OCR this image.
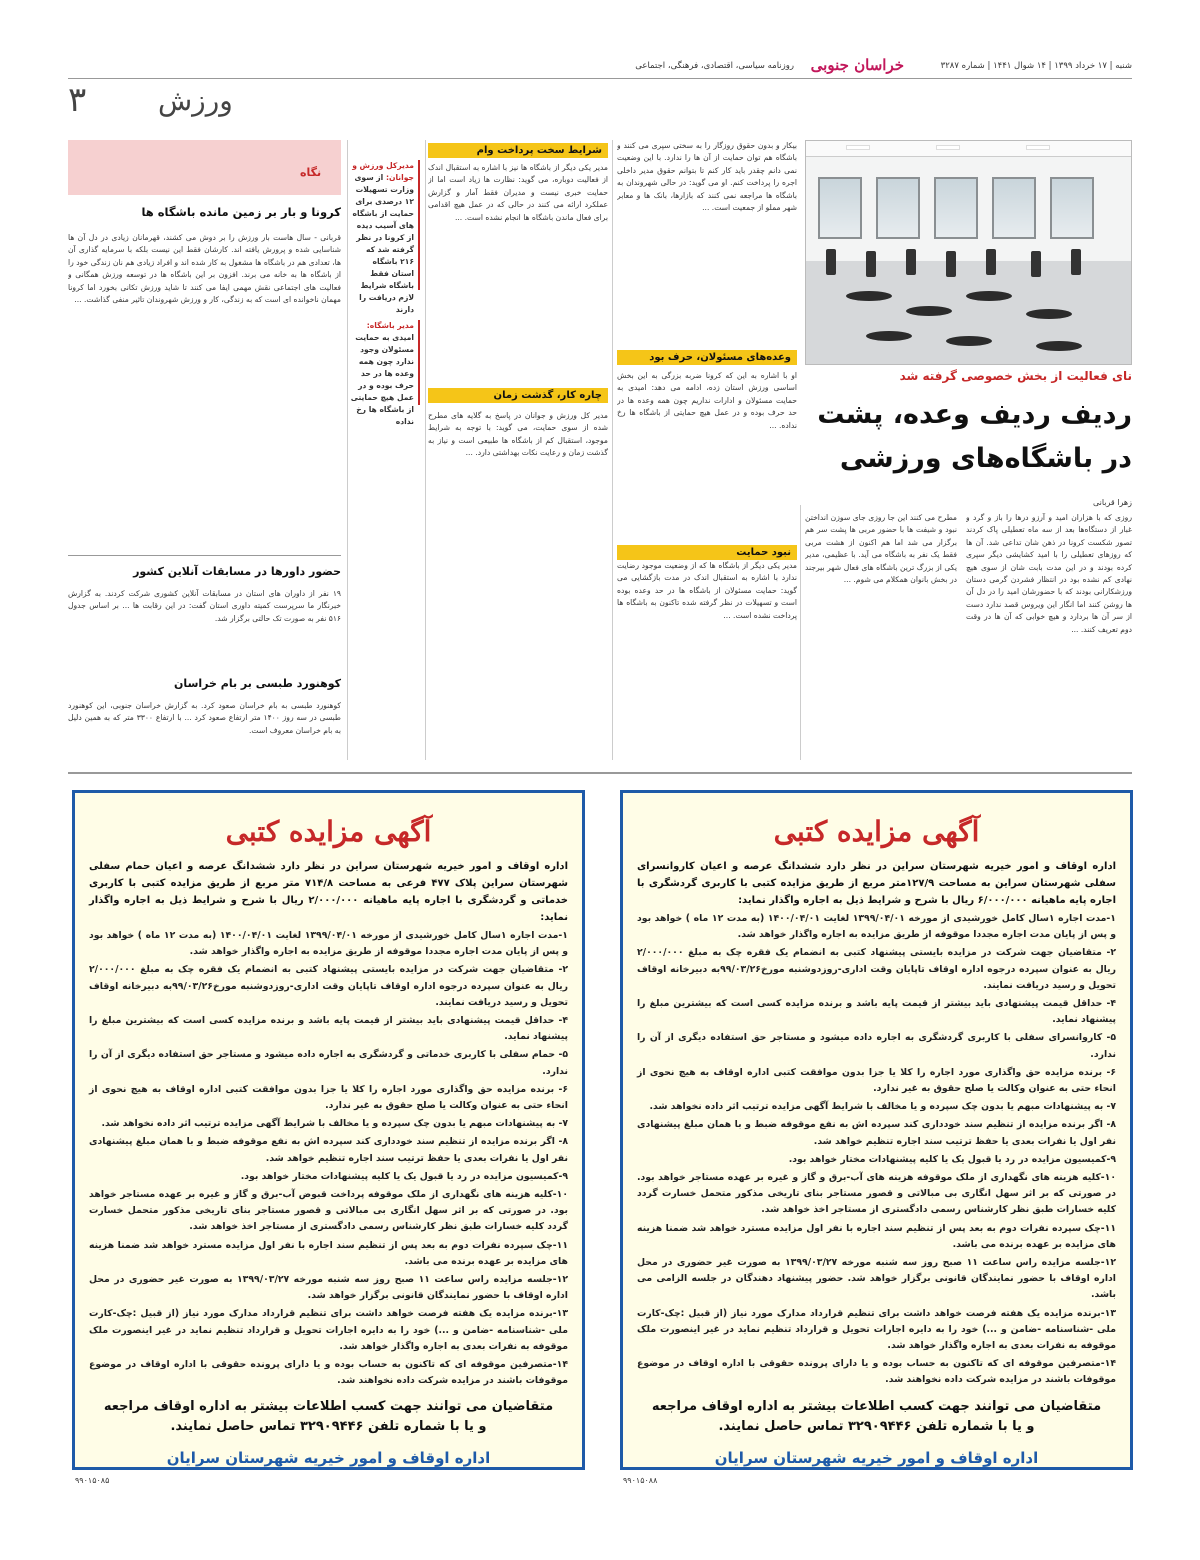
شنبه | ۱۷ خرداد ۱۳۹۹ | ۱۴ شوال ۱۴۴۱ | شماره ۳۲۸۷
خراسان جنوبی
روزنامه سیاسی، اقتصادی، فرهنگی، اجتماعی
ورزش
۳
نای فعالیت از بخش خصوصی گرفته شد
ردیف ردیف وعده، پشت در باشگاه‌های ورزشی
زهرا قربانی
روزی که با هزاران امید و آرزو درها را باز و گرد و غبار از دستگاه‌ها بعد از سه ماه تعطیلی پاک کردند تصور شکست کرونا در ذهن شان تداعی شد. آن ها که روزهای تعطیلی را با امید کشایشی دیگر سپری کرده بودند و در این مدت بابت شان از سوی هیچ نهادی کم نشده بود در انتظار فشردن گرمی دستان ورزشکارانی بودند که با حضورشان امید را در دل آن ها روشن کنند اما انگار این ویروس قصد ندارد دست از سر آن ها بردارد و هیچ خوابی که آن ها در وقت دوم تعریف کنند. ...
مطرح می کنند این جا روزی جای سوزن انداختن نبود و شیفت ها با حضور مربی ها پشت سر هم برگزار می شد اما هم اکنون از هشت مربی فقط یک نفر به باشگاه می آید. با عظیمی، مدیر یکی از بزرگ ترین باشگاه های فعال شهر بیرجند در بخش بانوان همکلام می شوم. ...
بیکار و بدون حقوق روزگار را به سختی سپری می کنند و باشگاه هم توان حمایت از آن ها را ندارد. با این وضعیت نمی دانم چقدر باید کار کنم تا بتوانم حقوق مدیر داخلی اجره را پرداخت کنم. او می گوید: در حالی شهروندان به باشگاه ها مراجعه نمی کنند که بازارها، بانک ها و معابر شهر مملو از جمعیت است. ...
وعده‌های مسئولان، حرف بود
او با اشاره به این که کرونا ضربه بزرگی به این بخش اساسی ورزش استان زده، ادامه می دهد: امیدی به حمایت مسئولان و ادارات نداریم چون همه وعده ها در حد حرف بوده و در عمل هیچ حمایتی از باشگاه ها رخ نداده. ...
نبود حمایت
مدیر یکی دیگر از باشگاه ها که از وضعیت موجود رضایت ندارد با اشاره به استقبال اندک در مدت بازگشایی می گوید: حمایت مسئولان از باشگاه ها در حد وعده بوده است و تسهیلات در نظر گرفته شده تاکنون به باشگاه ها پرداخت نشده است. ...
شرایط سخت پرداخت وام
مدیر یکی دیگر از باشگاه ها نیز با اشاره به استقبال اندک از فعالیت دوباره، می گوید: نظارت ها زیاد است اما از حمایت خبری نیست و مدیران فقط آمار و گزارش عملکرد ارائه می کنند در حالی که در عمل هیچ اقدامی برای فعال ماندن باشگاه ها انجام نشده است. ...
چاره کار، گذشت زمان
مدیر کل ورزش و جوانان در پاسخ به گلایه های مطرح شده از سوی حمایت، می گوید: با توجه به شرایط موجود، استقبال کم از باشگاه ها طبیعی است و نیاز به گذشت زمان و رعایت نکات بهداشتی دارد. ...
مدیرکل ورزش و جوانان: از سوی وزارت تسهیلات ۱۲ درصدی برای حمایت از باشگاه های آسیب دیده از کرونا در نظر گرفته شد که ۲۱۶ باشگاه استان فقط باشگاه شرایط لازم دریافت را دارند
مدیر باشگاه: امیدی به حمایت مسئولان وجود ندارد چون همه وعده ها در حد حرف بوده و در عمل هیچ حمایتی از باشگاه ها رخ نداده
نگاه
کرونا و بار بر زمین مانده باشگاه ها
قربانی - سال هاست بار ورزش را بر دوش می کشند، قهرمانان زیادی در دل آن ها شناسایی شده و پرورش یافته اند. کارشان فقط این نیست بلکه با سرمایه گذاری آن ها، تعدادی هم در باشگاه ها مشغول به کار شده اند و افراد زیادی هم نان زندگی خود را از باشگاه ها به خانه می برند. افزون بر این باشگاه ها در توسعه ورزش همگانی و فعالیت های اجتماعی نقش مهمی ایفا می کنند تا شاید ورزش تکانی بخورد اما کرونا مهمان ناخوانده ای است که به زندگی، کار و ورزش شهروندان تاثیر منفی گذاشت. ...
حضور داورها در مسابقات آنلاین کشور
۱۹ نفر از داوران های استان در مسابقات آنلاین کشوری شرکت کردند. به گزارش خبرنگار ما سرپرست کمیته داوری استان گفت: در این رقابت ها ... بر اساس جدول ۵۱۶ نفر به صورت تک حالتی برگزار شد.
کوهنورد طبسی بر بام خراسان
کوهنورد طبسی به بام خراسان صعود کرد. به گزارش خراسان جنوبی، این کوهنورد طبسی در سه روز ۱۴۰۰ متر ارتفاع صعود کرد ... با ارتفاع ۳۳۰۰ متر که به همین دلیل به بام خراسان معروف است.
آگهی مزایده کتبی
اداره اوقاف و امور خیریه شهرستان سراین در نظر دارد ششدانگ عرصه و اعیان کاروانسرای سفلی شهرستان سراین به مساحت ۱۲۷/۹متر مربع از طریق مزایده کتبی با کاربری گردشگری با اجاره پایه ماهیانه ۶/۰۰۰/۰۰۰ ریال با شرح و شرایط ذیل به اجاره واگذار نماید:
۱-مدت اجاره ۱سال کامل خورشیدی از مورخه ۱۳۹۹/۰۴/۰۱ لغایت ۱۴۰۰/۰۴/۰۱ (به مدت ۱۲ ماه ) خواهد بود و پس از پایان مدت اجاره مجددا موقوفه از طریق مزایده به اجاره واگذار خواهد شد.
۲- متقاضیان جهت شرکت در مزایده بایستی پیشنهاد کتبی به انضمام یک فقره چک به مبلغ ۲/۰۰۰/۰۰۰ ریال به عنوان سپرده درجوه اداره اوقاف تاپایان وقت اداری-روزدوشنبه مورخ۹۹/۰۳/۲۶به دبیرخانه اوقاف تحویل و رسید دریافت نمایند.
۴- حداقل قیمت پیشنهادی باید بیشتر از قیمت پایه باشد و برنده مزایده کسی است که بیشترین مبلغ را پیشنهاد نماید.
۵- کاروانسرای سفلی با کاربری گردشگری به اجاره داده میشود و مستاجر حق استفاده دیگری از آن را ندارد.
۶- برنده مزایده حق واگذاری مورد اجاره را کلا یا جزا بدون موافقت کتبی اداره اوقاف به هیچ نحوی از انحاء حتی به عنوان وکالت یا صلح حقوق به غیر ندارد.
۷- به پیشنهادات مبهم یا بدون چک سپرده و یا مخالف با شرایط آگهی مزایده ترتیب اثر داده نخواهد شد.
۸- اگر برنده مزایده از تنظیم سند خودداری کند سپرده اش به نفع موقوفه ضبط و با همان مبلغ پیشنهادی نفر اول یا نفرات بعدی یا حفظ ترتیب سند اجاره تنظیم خواهد شد.
۹-کمیسیون مزایده در رد یا قبول یک یا کلیه پیشنهادات مختار خواهد بود.
۱۰-کلیه هزینه های نگهداری از ملک موقوفه هزینه های آب-برق و گاز و غیره بر عهده مستاجر خواهد بود. در صورتی که بر اثر سهل انگاری بی مبالاتی و قصور مستاجر بنای تاریخی مذکور متحمل خسارت گردد کلیه خسارات طبق نظر کارشناس رسمی دادگستری از مستاجر اخذ خواهد شد.
۱۱-چک سپرده نفرات دوم به بعد پس از تنظیم سند اجاره با نفر اول مزایده مسترد خواهد شد ضمنا هزینه های مزایده بر عهده برنده می باشد.
۱۲-جلسه مزایده راس ساعت ۱۱ صبح روز سه شنبه مورخه ۱۳۹۹/۰۳/۲۷ به صورت غیر حضوری در محل اداره اوقاف با حضور نمایندگان قانونی برگزار خواهد شد. حضور پیشنهاد دهندگان در جلسه الزامی می باشد.
۱۳-برنده مزایده یک هفته فرصت خواهد داشت برای تنظیم قرارداد مدارک مورد نیاز (از قبیل :چک-کارت ملی -شناسنامه -ضامن و ...) خود را به دایره اجارات تحویل و قرارداد تنظیم نماید در غیر اینصورت ملک موقوفه به نفرات بعدی به اجاره واگذار خواهد شد.
۱۴-متصرفین موقوفه ای که تاکنون به حساب بوده و یا دارای پرونده حقوقی با اداره اوقاف در موضوع موقوفات باشند در مزایده شرکت داده نخواهند شد.
متقاضیان می توانند جهت کسب اطلاعات بیشتر به اداره اوقاف مراجعه
و یا با شماره تلفن ۳۲۹۰۹۴۴۶ تماس حاصل نمایند.
اداره اوقاف و امور خیریه شهرستان سرایان
۹۹۰۱۵۰۸۸
آگهی مزایده کتبی
اداره اوقاف و امور خیریه شهرستان سراین در نظر دارد ششدانگ عرصه و اعیان حمام سفلی شهرستان سراین پلاک ۴۷۷ فرعی به مساحت ۷۱۴/۸ متر مربع از طریق مزایده کتبی با کاربری خدماتی و گردشگری با اجاره پایه ماهیانه ۲/۰۰۰/۰۰۰ ریال با شرح و شرایط ذیل به اجاره واگذار نماید:
۱-مدت اجاره ۱سال کامل خورشیدی از مورخه ۱۳۹۹/۰۴/۰۱ لغایت ۱۴۰۰/۰۴/۰۱ (به مدت ۱۲ ماه ) خواهد بود و پس از پایان مدت اجاره مجددا موقوفه از طریق مزایده به اجاره واگذار خواهد شد.
۲- متقاضیان جهت شرکت در مزایده بایستی پیشنهاد کتبی به انضمام یک فقره چک به مبلغ ۲/۰۰۰/۰۰۰ ریال به عنوان سپرده درجوه اداره اوقاف تاپایان وقت اداری-روزدوشنبه مورخ۹۹/۰۳/۲۶به دبیرخانه اوقاف تحویل و رسید دریافت نمایند.
۴- حداقل قیمت پیشنهادی باید بیشتر از قیمت پایه باشد و برنده مزایده کسی است که بیشترین مبلغ را پیشنهاد نماید.
۵- حمام سفلی با کاربری خدماتی و گردشگری به اجاره داده میشود و مستاجر حق استفاده دیگری از آن را ندارد.
۶- برنده مزایده حق واگذاری مورد اجاره را کلا یا جزا بدون موافقت کتبی اداره اوقاف به هیچ نحوی از انحاء حتی به عنوان وکالت یا صلح حقوق به غیر ندارد.
۷- به پیشنهادات مبهم یا بدون چک سپرده و یا مخالف با شرایط آگهی مزایده ترتیب اثر داده نخواهد شد.
۸- اگر برنده مزایده از تنظیم سند خودداری کند سپرده اش به نفع موقوفه ضبط و با همان مبلغ پیشنهادی نفر اول یا نفرات بعدی یا حفظ ترتیب سند اجاره تنظیم خواهد شد.
۹-کمیسیون مزایده در رد یا قبول یک یا کلیه پیشنهادات مختار خواهد بود.
۱۰-کلیه هزینه های نگهداری از ملک موقوفه پرداخت قبوض آب-برق و گاز و غیره بر عهده مستاجر خواهد بود. در صورتی که بر اثر سهل انگاری بی مبالاتی و قصور مستاجر بنای تاریخی مذکور متحمل خسارت گردد کلیه خسارات طبق نظر کارشناس رسمی دادگستری از مستاجر اخذ خواهد شد.
۱۱-چک سپرده نفرات دوم به بعد پس از تنظیم سند اجاره با نفر اول مزایده مسترد خواهد شد ضمنا هزینه های مزایده بر عهده برنده می باشد.
۱۲-جلسه مزایده راس ساعت ۱۱ صبح روز سه شنبه مورخه ۱۳۹۹/۰۳/۲۷ به صورت غیر حضوری در محل اداره اوقاف با حضور نمایندگان قانونی برگزار خواهد شد.
۱۳-برنده مزایده یک هفته فرصت خواهد داشت برای تنظیم قرارداد مدارک مورد نیاز (از قبیل :چک-کارت ملی -شناسنامه -ضامن و ...) خود را به دایره اجارات تحویل و قرارداد تنظیم نماید در غیر اینصورت ملک موقوفه به نفرات بعدی به اجاره واگذار خواهد شد.
۱۴-متصرفین موقوفه ای که تاکنون به حساب بوده و یا دارای پرونده حقوقی با اداره اوقاف در موضوع موقوفات باشند در مزایده شرکت داده نخواهند شد.
متقاضیان می توانند جهت کسب اطلاعات بیشتر به اداره اوقاف مراجعه
و یا با شماره تلفن ۳۲۹۰۹۴۴۶ تماس حاصل نمایند.
اداره اوقاف و امور خیریه شهرستان سرایان
۹۹۰۱۵۰۸۵
